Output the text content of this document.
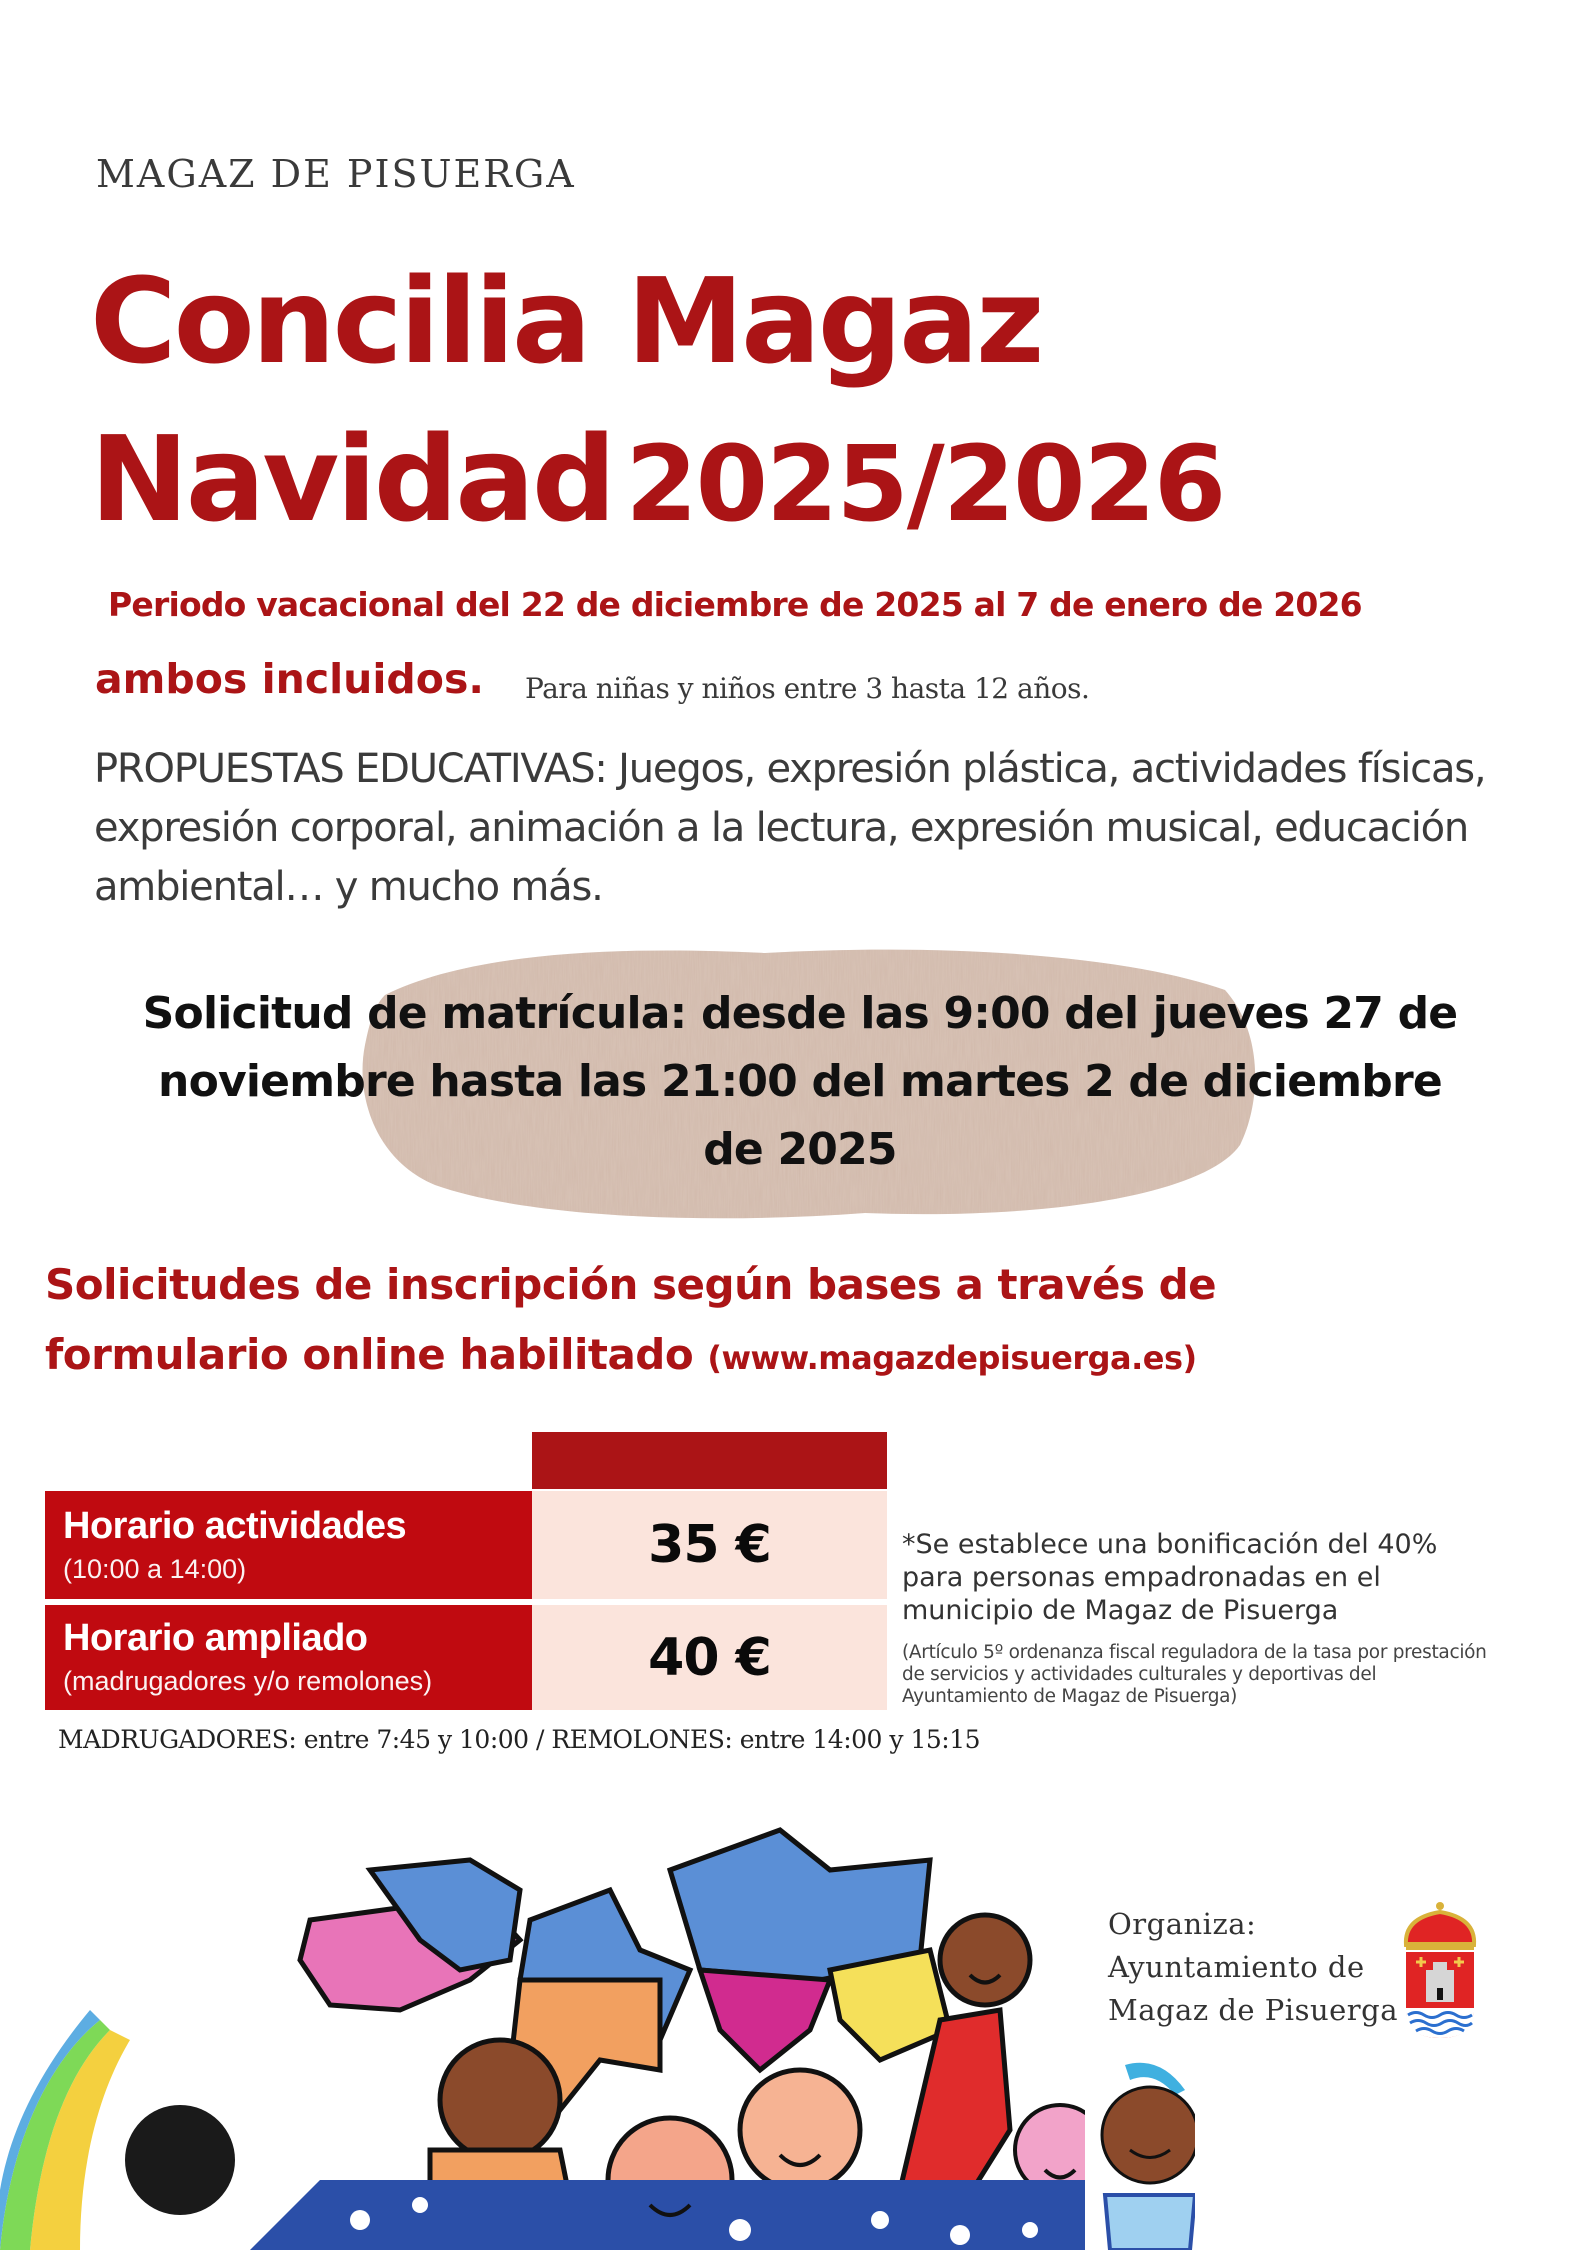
MAGAZ DE PISUERGA
Concilia Magaz
Navidad 2025/2026
Periodo vacacional del 22 de diciembre de 2025 al 7 de enero de 2026
ambos incluidos. Para niñas y niños entre 3 hasta 12 años.
PROPUESTAS EDUCATIVAS: Juegos, expresión plástica, actividades físicas, expresión corporal, animación a la lectura, expresión musical, educación ambiental… y mucho más.
Solicitud de matrícula: desde las 9:00 del jueves 27 de noviembre hasta las 21:00 del martes 2 de diciembre de 2025
Solicitudes de inscripción según bases a través de formulario online habilitado (www.magazdepisuerga.es)
Horario actividades
(10:00 a 14:00)	35 €
Horario ampliado
(madrugadores y/o remolones)	40 €
MADRUGADORES: entre 7:45 y 10:00 / REMOLONES: entre 14:00 y 15:15
*Se establece una bonificación del 40% para personas empadronadas en el municipio de Magaz de Pisuerga
(Artículo 5º ordenanza fiscal reguladora de la tasa por prestación de servicios y actividades culturales y deportivas del Ayuntamiento de Magaz de Pisuerga)
Organiza:
Ayuntamiento de
Magaz de Pisuerga
